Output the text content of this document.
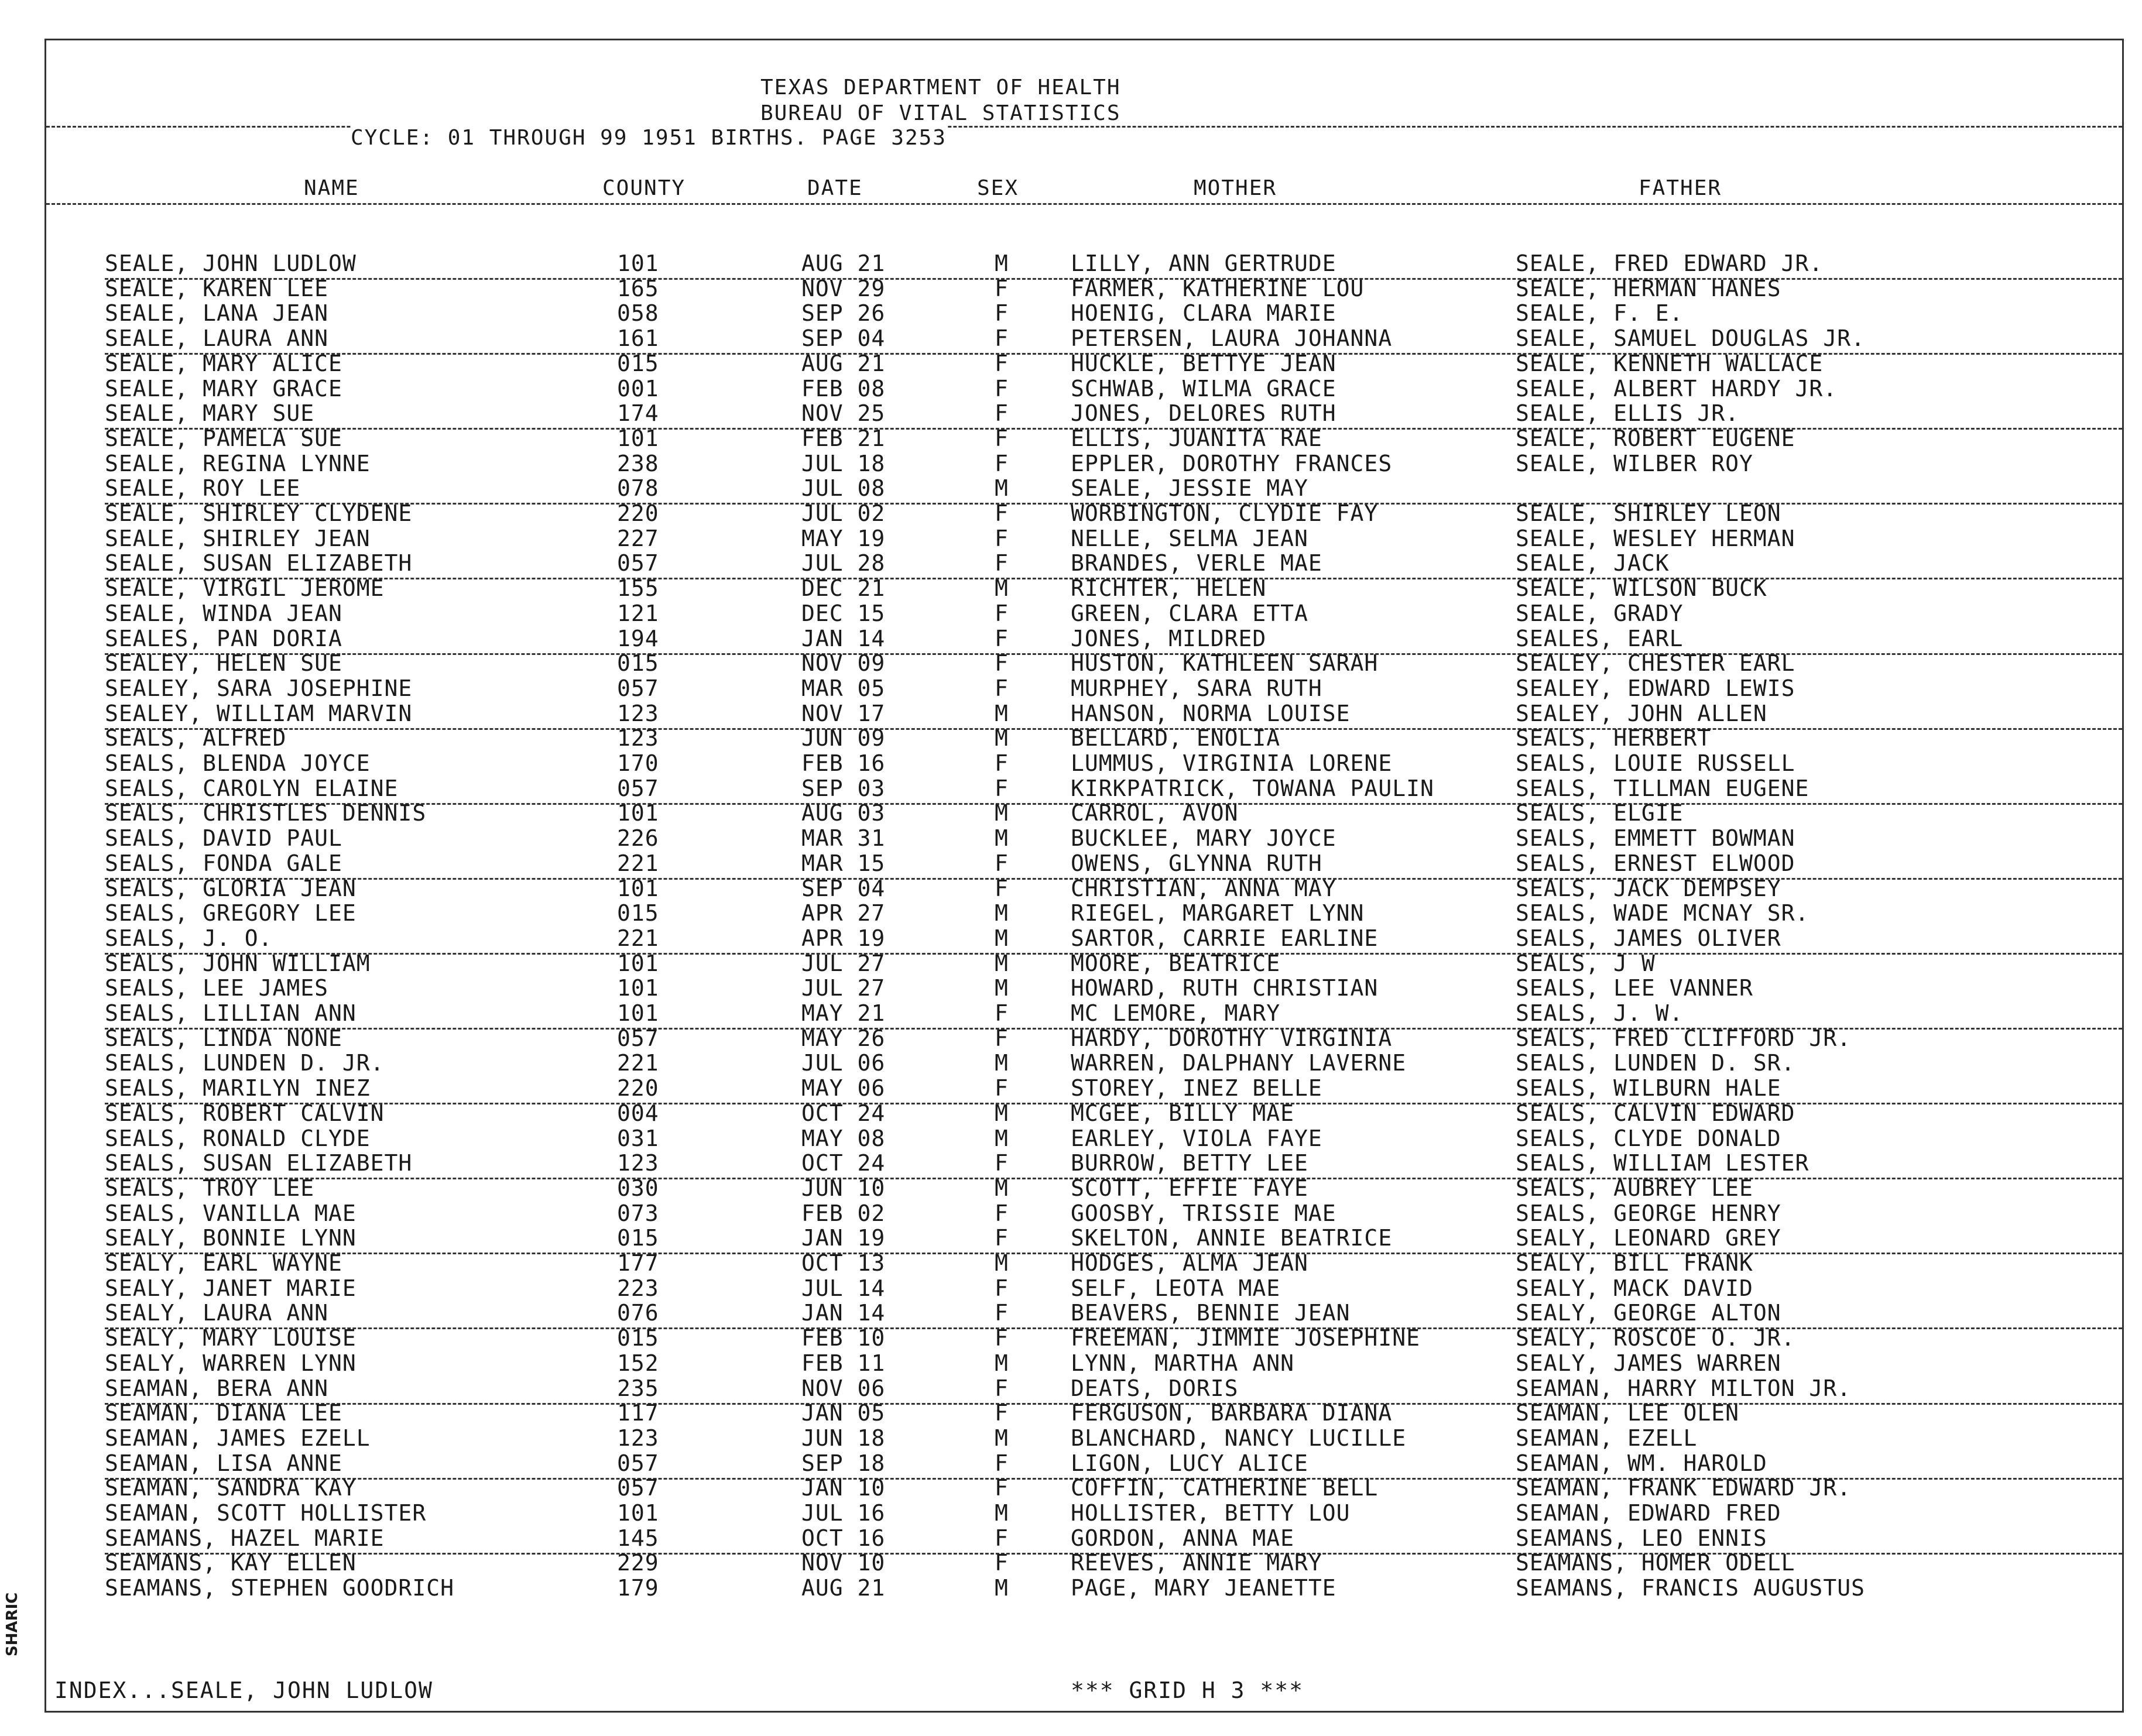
TEXAS DEPARTMENT OF HEALTH
BUREAU OF VITAL STATISTICS
CYCLE: 01 THROUGH 99 1951 BIRTHS. PAGE 3253
NAME	COUNTY	DATE	SEX	MOTHER	FATHER
SEALE, JOHN LUDLOW	101	AUG 21	M	LILLY, ANN GERTRUDE	SEALE, FRED EDWARD JR.
SEALE, KAREN LEE	165	NOV 29	F	FARMER, KATHERINE LOU	SEALE, HERMAN HANES
SEALE, LANA JEAN	058	SEP 26	F	HOENIG, CLARA MARIE	SEALE, F. E.
SEALE, LAURA ANN	161	SEP 04	F	PETERSEN, LAURA JOHANNA	SEALE, SAMUEL DOUGLAS JR.
SEALE, MARY ALICE	015	AUG 21	F	HUCKLE, BETTYE JEAN	SEALE, KENNETH WALLACE
SEALE, MARY GRACE	001	FEB 08	F	SCHWAB, WILMA GRACE	SEALE, ALBERT HARDY JR.
SEALE, MARY SUE	174	NOV 25	F	JONES, DELORES RUTH	SEALE, ELLIS JR.
SEALE, PAMELA SUE	101	FEB 21	F	ELLIS, JUANITA RAE	SEALE, ROBERT EUGENE
SEALE, REGINA LYNNE	238	JUL 18	F	EPPLER, DOROTHY FRANCES	SEALE, WILBER ROY
SEALE, ROY LEE	078	JUL 08	M	SEALE, JESSIE MAY
SEALE, SHIRLEY CLYDENE	220	JUL 02	F	WORBINGTON, CLYDIE FAY	SEALE, SHIRLEY LEON
SEALE, SHIRLEY JEAN	227	MAY 19	F	NELLE, SELMA JEAN	SEALE, WESLEY HERMAN
SEALE, SUSAN ELIZABETH	057	JUL 28	F	BRANDES, VERLE MAE	SEALE, JACK
SEALE, VIRGIL JEROME	155	DEC 21	M	RICHTER, HELEN	SEALE, WILSON BUCK
SEALE, WINDA JEAN	121	DEC 15	F	GREEN, CLARA ETTA	SEALE, GRADY
SEALES, PAN DORIA	194	JAN 14	F	JONES, MILDRED	SEALES, EARL
SEALEY, HELEN SUE	015	NOV 09	F	HUSTON, KATHLEEN SARAH	SEALEY, CHESTER EARL
SEALEY, SARA JOSEPHINE	057	MAR 05	F	MURPHEY, SARA RUTH	SEALEY, EDWARD LEWIS
SEALEY, WILLIAM MARVIN	123	NOV 17	M	HANSON, NORMA LOUISE	SEALEY, JOHN ALLEN
SEALS, ALFRED	123	JUN 09	M	BELLARD, ENOLIA	SEALS, HERBERT
SEALS, BLENDA JOYCE	170	FEB 16	F	LUMMUS, VIRGINIA LORENE	SEALS, LOUIE RUSSELL
SEALS, CAROLYN ELAINE	057	SEP 03	F	KIRKPATRICK, TOWANA PAULIN	SEALS, TILLMAN EUGENE
SEALS, CHRISTLES DENNIS	101	AUG 03	M	CARROL, AVON	SEALS, ELGIE
SEALS, DAVID PAUL	226	MAR 31	M	BUCKLEE, MARY JOYCE	SEALS, EMMETT BOWMAN
SEALS, FONDA GALE	221	MAR 15	F	OWENS, GLYNNA RUTH	SEALS, ERNEST ELWOOD
SEALS, GLORIA JEAN	101	SEP 04	F	CHRISTIAN, ANNA MAY	SEALS, JACK DEMPSEY
SEALS, GREGORY LEE	015	APR 27	M	RIEGEL, MARGARET LYNN	SEALS, WADE MCNAY SR.
SEALS, J. O.	221	APR 19	M	SARTOR, CARRIE EARLINE	SEALS, JAMES OLIVER
SEALS, JOHN WILLIAM	101	JUL 27	M	MOORE, BEATRICE	SEALS, J W
SEALS, LEE JAMES	101	JUL 27	M	HOWARD, RUTH CHRISTIAN	SEALS, LEE VANNER
SEALS, LILLIAN ANN	101	MAY 21	F	MC LEMORE, MARY	SEALS, J. W.
SEALS, LINDA NONE	057	MAY 26	F	HARDY, DOROTHY VIRGINIA	SEALS, FRED CLIFFORD JR.
SEALS, LUNDEN D. JR.	221	JUL 06	M	WARREN, DALPHANY LAVERNE	SEALS, LUNDEN D. SR.
SEALS, MARILYN INEZ	220	MAY 06	F	STOREY, INEZ BELLE	SEALS, WILBURN HALE
SEALS, ROBERT CALVIN	004	OCT 24	M	MCGEE, BILLY MAE	SEALS, CALVIN EDWARD
SEALS, RONALD CLYDE	031	MAY 08	M	EARLEY, VIOLA FAYE	SEALS, CLYDE DONALD
SEALS, SUSAN ELIZABETH	123	OCT 24	F	BURROW, BETTY LEE	SEALS, WILLIAM LESTER
SEALS, TROY LEE	030	JUN 10	M	SCOTT, EFFIE FAYE	SEALS, AUBREY LEE
SEALS, VANILLA MAE	073	FEB 02	F	GOOSBY, TRISSIE MAE	SEALS, GEORGE HENRY
SEALY, BONNIE LYNN	015	JAN 19	F	SKELTON, ANNIE BEATRICE	SEALY, LEONARD GREY
SEALY, EARL WAYNE	177	OCT 13	M	HODGES, ALMA JEAN	SEALY, BILL FRANK
SEALY, JANET MARIE	223	JUL 14	F	SELF, LEOTA MAE	SEALY, MACK DAVID
SEALY, LAURA ANN	076	JAN 14	F	BEAVERS, BENNIE JEAN	SEALY, GEORGE ALTON
SEALY, MARY LOUISE	015	FEB 10	F	FREEMAN, JIMMIE JOSEPHINE	SEALY, ROSCOE O. JR.
SEALY, WARREN LYNN	152	FEB 11	M	LYNN, MARTHA ANN	SEALY, JAMES WARREN
SEAMAN, BERA ANN	235	NOV 06	F	DEATS, DORIS	SEAMAN, HARRY MILTON JR.
SEAMAN, DIANA LEE	117	JAN 05	F	FERGUSON, BARBARA DIANA	SEAMAN, LEE OLEN
SEAMAN, JAMES EZELL	123	JUN 18	M	BLANCHARD, NANCY LUCILLE	SEAMAN, EZELL
SEAMAN, LISA ANNE	057	SEP 18	F	LIGON, LUCY ALICE	SEAMAN, WM. HAROLD
SEAMAN, SANDRA KAY	057	JAN 10	F	COFFIN, CATHERINE BELL	SEAMAN, FRANK EDWARD JR.
SEAMAN, SCOTT HOLLISTER	101	JUL 16	M	HOLLISTER, BETTY LOU	SEAMAN, EDWARD FRED
SEAMANS, HAZEL MARIE	145	OCT 16	F	GORDON, ANNA MAE	SEAMANS, LEO ENNIS
SEAMANS, KAY ELLEN	229	NOV 10	F	REEVES, ANNIE MARY	SEAMANS, HOMER ODELL
SEAMANS, STEPHEN GOODRICH	179	AUG 21	M	PAGE, MARY JEANETTE	SEAMANS, FRANCIS AUGUSTUS
INDEX...SEALE, JOHN LUDLOW	*** GRID H 3 ***
SHARIC
